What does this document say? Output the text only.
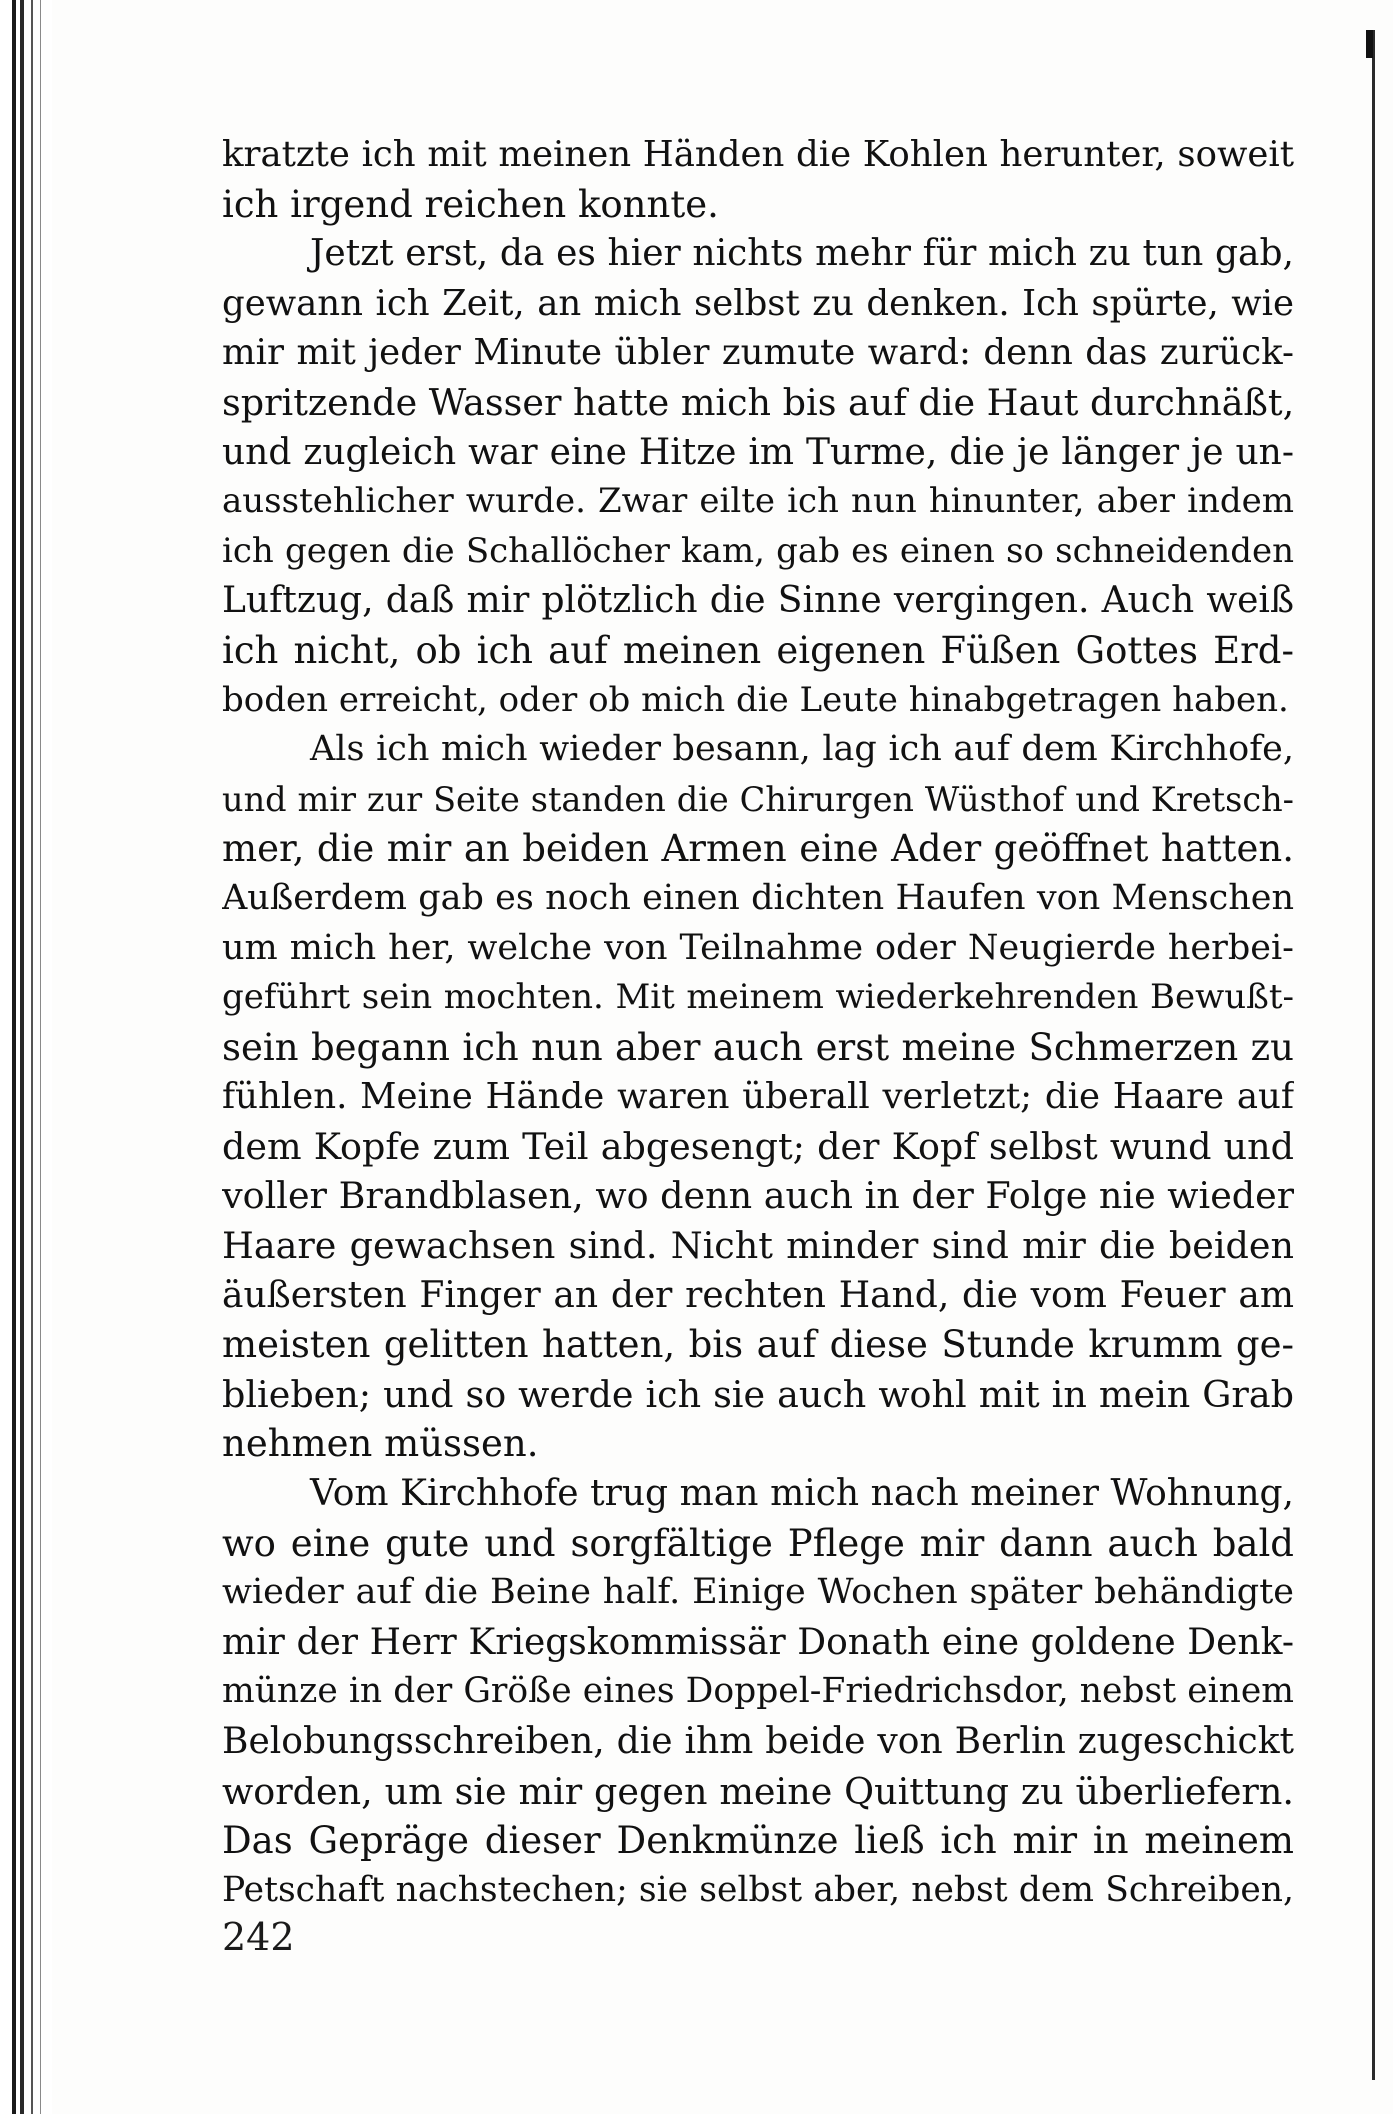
kratzte ich mit meinen Händen die Kohlen herunter, soweit
ich irgend reichen konnte.
Jetzt erst, da es hier nichts mehr für mich zu tun gab,
gewann ich Zeit, an mich selbst zu denken. Ich spürte, wie
mir mit jeder Minute übler zumute ward: denn das zurück-
spritzende Wasser hatte mich bis auf die Haut durchnäßt,
und zugleich war eine Hitze im Turme, die je länger je un-
ausstehlicher wurde. Zwar eilte ich nun hinunter, aber indem
ich gegen die Schallöcher kam, gab es einen so schneidenden
Luftzug, daß mir plötzlich die Sinne vergingen. Auch weiß
ich nicht, ob ich auf meinen eigenen Füßen Gottes Erd-
boden erreicht, oder ob mich die Leute hinabgetragen haben.
Als ich mich wieder besann, lag ich auf dem Kirchhofe,
und mir zur Seite standen die Chirurgen Wüsthof und Kretsch-
mer, die mir an beiden Armen eine Ader geöffnet hatten.
Außerdem gab es noch einen dichten Haufen von Menschen
um mich her, welche von Teilnahme oder Neugierde herbei-
geführt sein mochten. Mit meinem wiederkehrenden Bewußt-
sein begann ich nun aber auch erst meine Schmerzen zu
fühlen. Meine Hände waren überall verletzt; die Haare auf
dem Kopfe zum Teil abgesengt; der Kopf selbst wund und
voller Brandblasen, wo denn auch in der Folge nie wieder
Haare gewachsen sind. Nicht minder sind mir die beiden
äußersten Finger an der rechten Hand, die vom Feuer am
meisten gelitten hatten, bis auf diese Stunde krumm ge-
blieben; und so werde ich sie auch wohl mit in mein Grab
nehmen müssen.
Vom Kirchhofe trug man mich nach meiner Wohnung,
wo eine gute und sorgfältige Pflege mir dann auch bald
wieder auf die Beine half. Einige Wochen später behändigte
mir der Herr Kriegskommissär Donath eine goldene Denk-
münze in der Größe eines Doppel-Friedrichsdor, nebst einem
Belobungsschreiben, die ihm beide von Berlin zugeschickt
worden, um sie mir gegen meine Quittung zu überliefern.
Das Gepräge dieser Denkmünze ließ ich mir in meinem
Petschaft nachstechen; sie selbst aber, nebst dem Schreiben,
242
